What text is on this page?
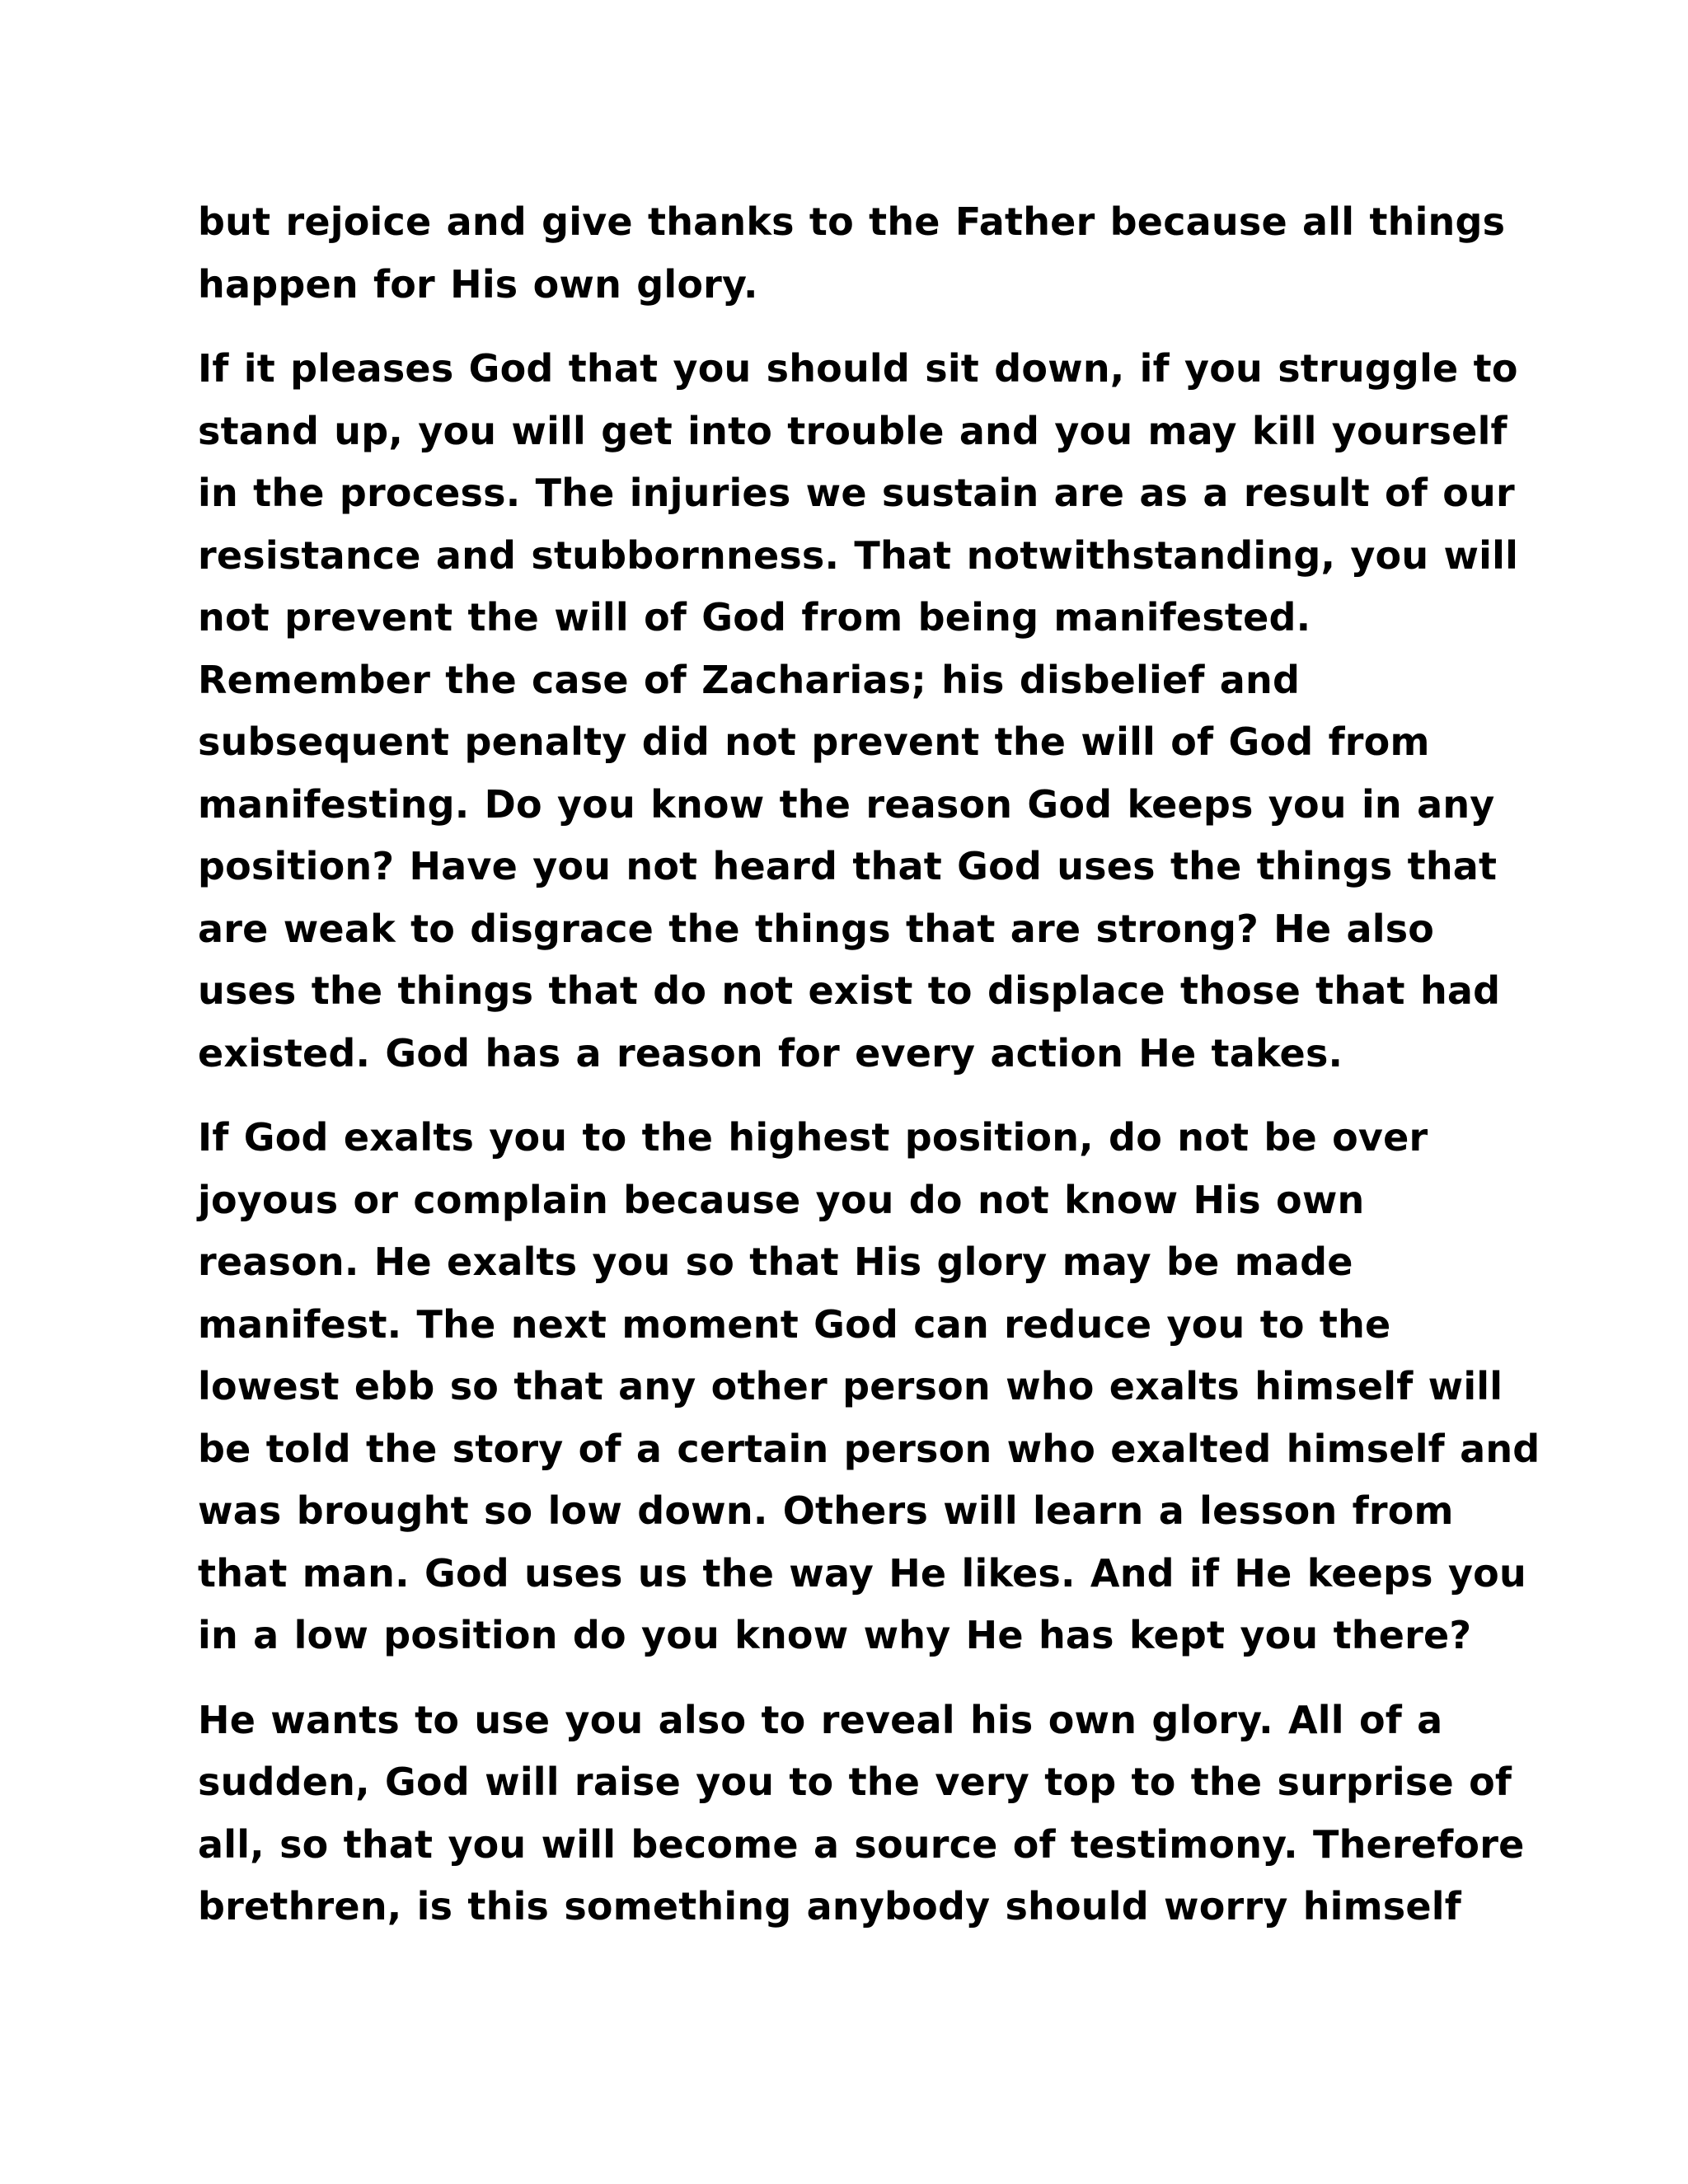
but rejoice and give thanks to the Father because all things
happen for His own glory.

If it pleases God that you should sit down, if you struggle to
stand up, you will get into trouble and you may kill yourself
in the process. The injuries we sustain are as a result of our
resistance and stubbornness. That notwithstanding, you will
not prevent the will of God from being manifested.
Remember the case of Zacharias; his disbelief and
subsequent penalty did not prevent the will of God from
manifesting. Do you know the reason God keeps you in any
position? Have you not heard that God uses the things that
are weak to disgrace the things that are strong? He also
uses the things that do not exist to displace those that had
existed. God has a reason for every action He takes.

If God exalts you to the highest position, do not be over
joyous or complain because you do not know His own
reason. He exalts you so that His glory may be made
manifest. The next moment God can reduce you to the
lowest ebb so that any other person who exalts himself will
be told the story of a certain person who exalted himself and
was brought so low down. Others will learn a lesson from
that man. God uses us the way He likes. And if He keeps you
in a low position do you know why He has kept you there?

He wants to use you also to reveal his own glory. All of a
sudden, God will raise you to the very top to the surprise of
all, so that you will become a source of testimony. Therefore
brethren, is this something anybody should worry himself
